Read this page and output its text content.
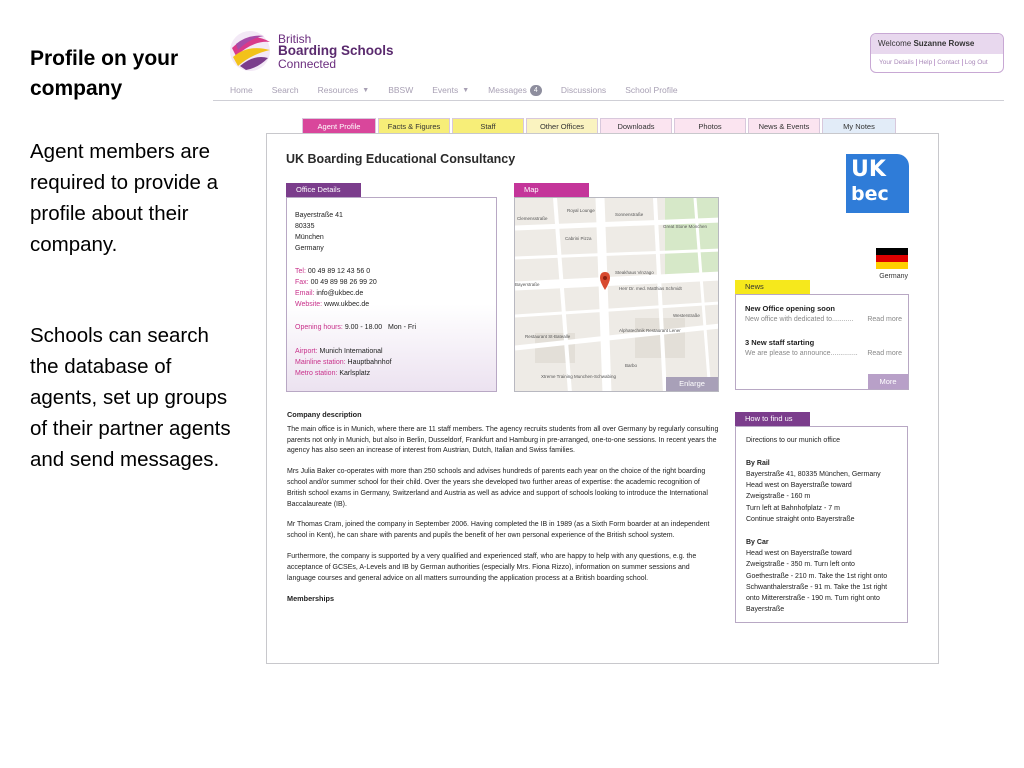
Profile on your company
Agent members are required to provide a profile about their company.
Schools can search the database of agents, set up groups of their partner agents and send messages.
British
Boarding Schools
Connected
Welcome Suzanne Rowse
Your Details Help Contact Log Out
Home Search Resources ▼ BBSW Events ▼ Messages	4	Discussions School Profile
Agent Profile	Facts & Figures	Staff	Other Offices	Downloads	Photos	News & Events	My Notes
UK Boarding Educational Consultancy
Office Details
Bayerstraße 41
80335
München
Germany
Tel: 00 49 89 12 43 56 0
Fax: 00 49 89 98 26 99 20
Email: info@ukbec.de
Website: www.ukbec.de
Opening hours: 9.00 - 18.00   Mon - Fri
Airport: Munich International
Mainline station: Hauptbahnhof
Metro station: Karlsplatz
Map
Royal Lounge
Clemensstraße
Cabrini Pizza
Sonnenstraße
Great Stone Monchen
Bayerstraße
Steakhaus Vinzago
Herr Dr. med. Matthias Schmidt
Westerstraße
Restaurant St-Batealle
Alphatechnik Restaurant Lener
Barbo
Xtreme Training Munchen-Schwabing
Enlarge
UK
bec
Germany
News
New Office opening soon
New office with dedicated to........... Read more
3 New staff starting
We are please to announce.............. Read more
More
Company description

The main office is in Munich, where there are 11 staff members. The agency recruits students from all over Germany by regularly consulting parents not only in Munich, but also in Berlin, Dusseldorf, Frankfurt and Hamburg in pre-arranged, one-to-one sessions. In recent years the agency has also seen an increase of interest from Austrian, Dutch, Italian and Swiss families.

Mrs Julia Baker co-operates with more than 250 schools and advises hundreds of parents each year on the choice of the right boarding school and/or summer school for their child. Over the years she developed two further areas of expertise: the academic recognition of British school exams in Germany, Switzerland and Austria as well as advice and support of schools looking to introduce the International Baccalaureate (IB).

Mr Thomas Cram, joined the company in September 2006. Having completed the IB in 1989 (as a Sixth Form boarder at an independent school in Kent), he can share with parents and pupils the benefit of her own personal experience of the British school system.

Furthermore, the company is supported by a very qualified and experienced staff, who are happy to help with any questions, e.g. the acceptance of GCSEs, A-Levels and IB by German authorities (especially Mrs. Fiona Rizzo), information on summer sessions and language courses and general advice on all matters surrounding the application process at a British boarding school.

Memberships
How to find us
Directions to our munich office
By Rail
Bayerstraße 41, 80335 München, Germany
Head west on Bayerstraße toward
Zweigstraße - 160 m
Turn left at Bahnhofplatz - 7 m
Continue straight onto Bayerstraße
By Car
Head west on Bayerstraße toward
Zweigstraße - 350 m. Turn left onto
Goethestraße - 210 m. Take the 1st right onto
Schwanthalerstraße - 91 m. Take the 1st right
onto Mittererstraße - 190 m. Turn right onto
Bayerstraße
